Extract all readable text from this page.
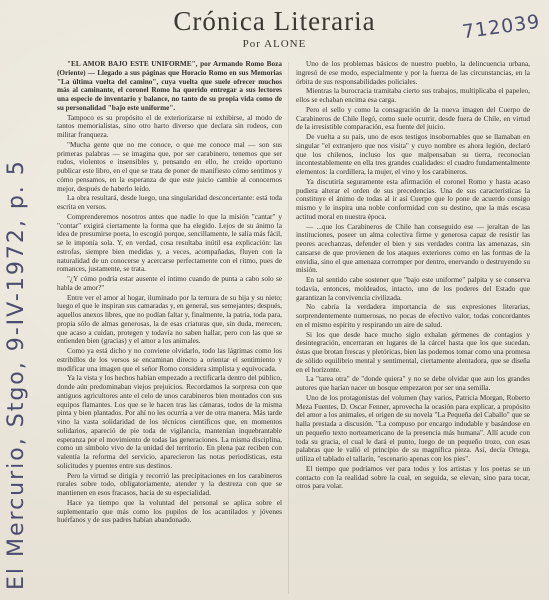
Crónica Literaria
Por ALONE
712039
El Mercurio, Stgo, 9-IV-1972, p. 5

"EL AMOR BAJO ESTE UNIFORME", por Armando Romo Boza (Oriente) — Llegado a sus páginas que Horacio Romo en sus Memorias "La última vuelta del camino", cuya vuelta que suele ofrecer muchos más al caminante, el coronel Romo ha querido entregar a sus lectores una especie de inventario y balance, no tanto de su propia vida como de su personalidad "bajo este uniforme".

Tampoco es su propósito el de exteriorizarse ni exhibirse, al modo de tantos memorialistas, sino otro harto diverso que declara sin rodeos, con militar franqueza.

"Mucha gente que no me conoce, o que me conoce mal — son sus primeras palabras — se imagina que, por ser carabinero, tenemos que ser rudos, violentos e insensibles y, pensando en ello, he creído oportuno publicar este libro, en el que se trata de poner de manifiesto cómo sentimos y cómo pensamos, en la esperanza de que este juicio cambie al conocernos mejor, después de haberlo leído.

La obra resultará, desde luego, una singularidad desconcertante: está toda escrita en versos.

Comprenderemos nosotros antes que nadie lo que la misión "cantar" y "contar" exigirá ciertamente la forma que ha elegido. Lejos de su ánimo la idea de presumirse poeta, lo escogió porque, sencillamente, le salía más fácil, se le imponía sola. Y, en verdad, cosa resultaba inútil esa explicación: las estrofas, siempre bien medidas y, a veces, acompañadas, fluyen con la naturalidad de un conocerse y acercarse perfectamente con el ritmo, pues de romances, justamente, se trata.

"¿Y cómo podría estar ausente el íntimo cuando de punta a cabo solo se habla de amor?"

Entre ver el amor al hogar, iluminado por la ternura de su hija y su nieto; luego el que le inspiran sus camaradas y, en general, sus semejantes; después, aquellos anexos libres, que no podían faltar y, finalmente, la patria, toda para, propia sólo de almas generosas, la de esas criaturas que, sin duda, merecen, que acaso a cuidan, protegen y todavía no saben hallar, pero con las que se entienden bien (gracias) y el amor a los animales.

Como ya está dicho y no conviene olvidarlo, todo las lágrimas como los estribillos de los versos se encaminan directo a orientar el sentimiento y modificar una imagen que el señor Romo considera simplista y equivocada.

Ya la vista y los hechos habían empezado a rectificarla dentro del público, donde aún predominaban viejos prejuicios. Recordamos la sorpresa con que antiguos agricultores ante el celo de unos carabineros bien montados con sus equipos flamantes. Los que se le hacen tras las cámaras, todos de la misma pinta y bien plantados. Por ahí no les ocurría a ver de otra manera. Más tarde vino la vasta solidaridad de los técnicos científicos que, en momentos solidarios, apareció de pie toda de vigilancia, mantenían inquebrantable esperanza por el movimiento de todas las generaciones. La misma disciplina, como un símbolo vivo de la unidad del territorio. En plena paz reciben con valentía la reforma del servicio, aparecieron las notas periodísticas, esta solicitudes y puentes entre sus destinos.

Pero la virtud se dirigía y recorrió las precipitaciones en los carabineros rurales sobre todo, obligatoriamente, atender y la destreza con que se mantienen en esos fracasos, hacia de su especialidad.

Hace ya tiempo que la voluntad del personal se aplica sobre el suplementario que más como los pupilos de los acantilados y jóvenes huérfanos y de sus padres habían abandonado.

Uno de los problemas básicos de nuestro pueblo, la delincuencia urbana, ingresó de ese modo, especialmente y por la fuerza de las circunstancias, en la órbita de sus responsabilidades policiales.

Mientras la burocracia tramitaba cierto sus trabajos, multiplicaba el papeleo, ellos se echaban encima esa carga.

Pero el sello y como la consagración de la nueva imagen del Cuerpo de Carabineros de Chile llegó, como suele ocurrir, desde fuera de Chile, en virtud de la irresistible comparación, esa fuente del juicio.

De vuelta a su país, uno de esos testigos insobornables que se llamaban en singular "el extranjero que nos visita" y cuyo nombre es ahora legión, declaró que los chilenos, incluso los que malpensaban su tierra, reconocían incontestablemente en ella tres grandes cualidades: el cuadro fundamentalmente elementos: la cordillera, la mujer, el vino y los carabineros.

Ya discutiría seguramente esta afirmación el coronel Romo y hasta acaso pudiera alterar el orden de sus precedencias. Una de sus características la constituye el ánimo de todas al ir así Cuerpo que lo pone de acuerdo consigo mismo y le inspira una noble conformidad con su destino, que la más escasa actitud moral en nuestra época.

— ...que los Carabineros de Chile han conseguido ese — jeraltan de las instituciones, poseer un alma colectiva firme y generosa capaz de resistir las peores acechanzas, defender el bien y sus verdades contra las amenazas, sin cansarse de que provienen de los ataques exteriores como en las formas de la envidia, sino el que amenaza corromper por dentro, enervando o destruyendo su misión.

En tal sentido cabe sostener que "bajo este uniforme" palpita y se conserva todavía, entonces, moldeados, intacto, uno de los poderes del Estado que garantizan la convivencia civilizada.

No cabría la verdadera importancia de sus expresiones literarias, sorprendentemente numerosas, no pocas de efectivo valor, todas concordantes en el mismo espíritu y respirando un aire de salud.

Si los que desde hace mucho siglo exhalan gérmenes de contagios y desintegración, encerraran en lugares de la cárcel hasta que los que sucedan, éstas que brotan frescas y pletóricas, bien las podemos tomar como una promesa de sólido equilibrio mental y sentimental, ciertamente alentadora, que se diseña en el horizonte.

La "tarea otra" de "donde quiera" y no se debe olvidar que aun los grandes autores que harían nacer un bosque empezaron por ser una semilla.

Uno de los protagonistas del volumen (hay varios, Patricia Morgan, Roberto Meza Fuentes, D. Oscar Fenner, aprovecha la ocasión para explicar, a propósito del amor a los animales, el origen de su novela "La Pequeña del Caballo" que se halla prestada a discusión. "La compuso por encargo indudable y basándose en un pequeño texto norteamericano de la presencia más humana". Allí acude con toda su gracia, el cual le dará el punto, luego de un pequeño trozo, con esas palabras que le valió el principio de su magnífica pieza. Así, decía Ortega, utiliza el tablado el tallarín, "escenario apenas con los pies".

El tiempo que podríamos ver para todos y los artistas y los poetas se un contacto con la realidad sobre la cual, en seguida, se elevan, sino para tocar, otros para volar.
